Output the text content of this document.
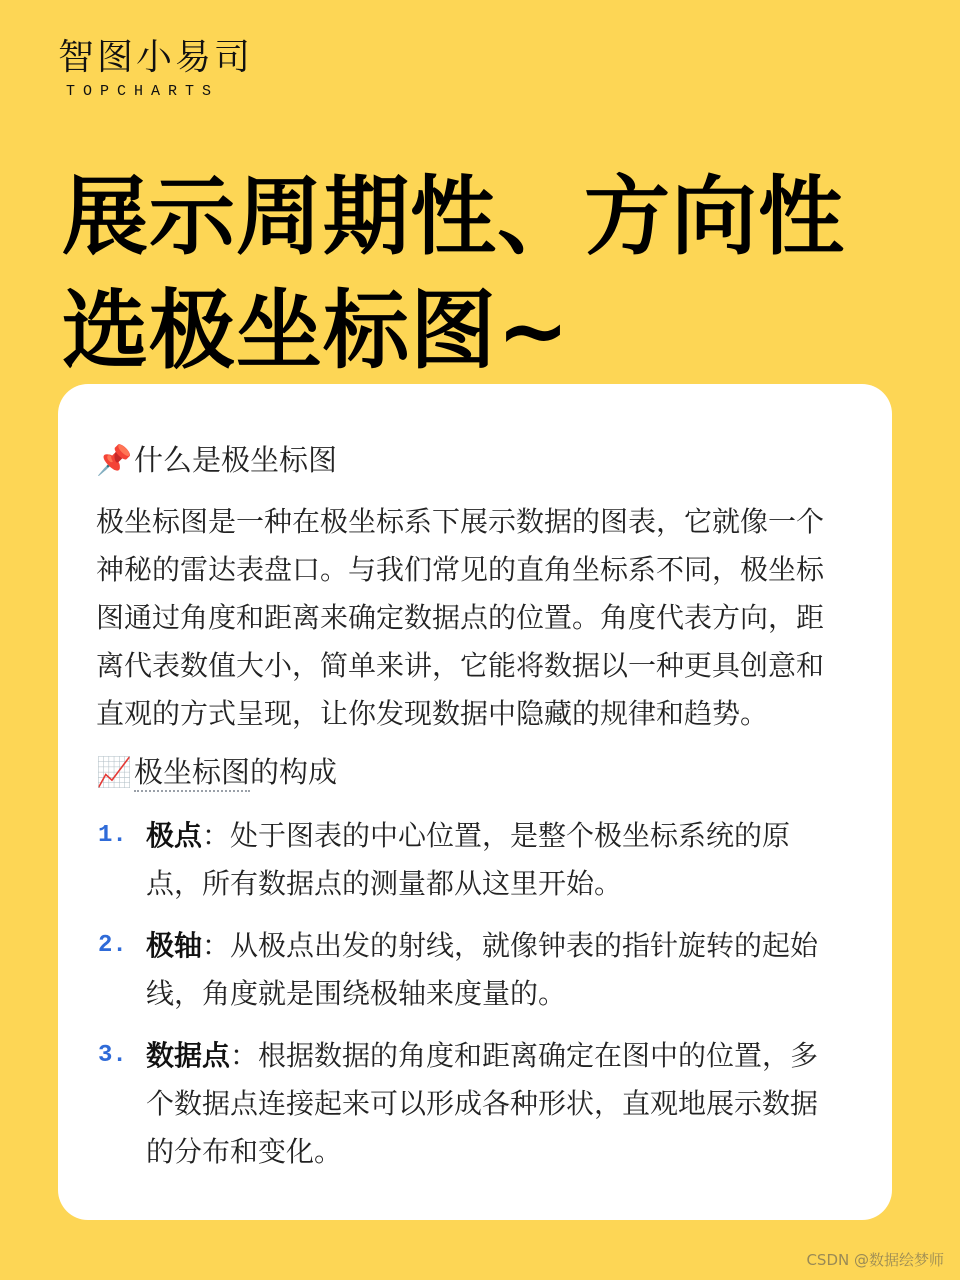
智图小易司
TOPCHARTS
展示周期性、方向性
选极坐标图~
📌什么是极坐标图

极坐标图是一种在极坐标系下展示数据的图表，它就像一个
神秘的雷达表盘口。与我们常见的直角坐标系不同，极坐标
图通过角度和距离来确定数据点的位置。角度代表方向，距
离代表数值大小，简单来讲，它能将数据以一种更具创意和
直观的方式呈现，让你发现数据中隐藏的规律和趋势。

📈极坐标图的构成
1. 极点：处于图表的中心位置，是整个极坐标系统的原
点，所有数据点的测量都从这里开始。
2. 极轴：从极点出发的射线，就像钟表的指针旋转的起始
线，角度就是围绕极轴来度量的。
3. 数据点：根据数据的角度和距离确定在图中的位置，多
个数据点连接起来可以形成各种形状，直观地展示数据
的分布和变化。
CSDN @数据绘梦师
